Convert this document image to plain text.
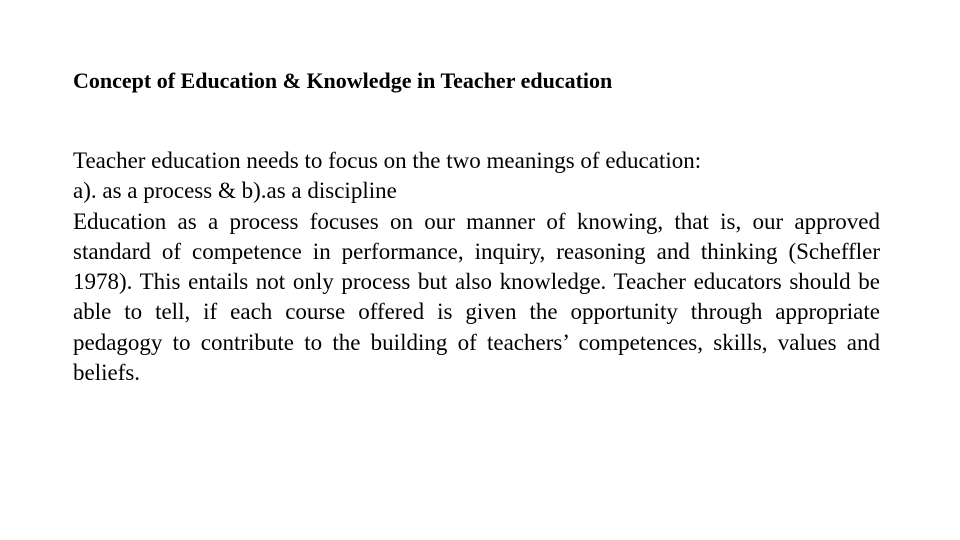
Concept of Education & Knowledge in Teacher education

Teacher education needs to focus on the two meanings of education:

a). as a process & b).as a discipline

Education as a process focuses on our manner of knowing, that is, our approved standard of competence in performance, inquiry, reasoning and thinking (Scheffler 1978). This entails not only process but also knowledge. Teacher educators should be able to tell, if each course offered is given the opportunity through appropriate pedagogy to contribute to the building of teachers’ competences, skills, values and beliefs.
